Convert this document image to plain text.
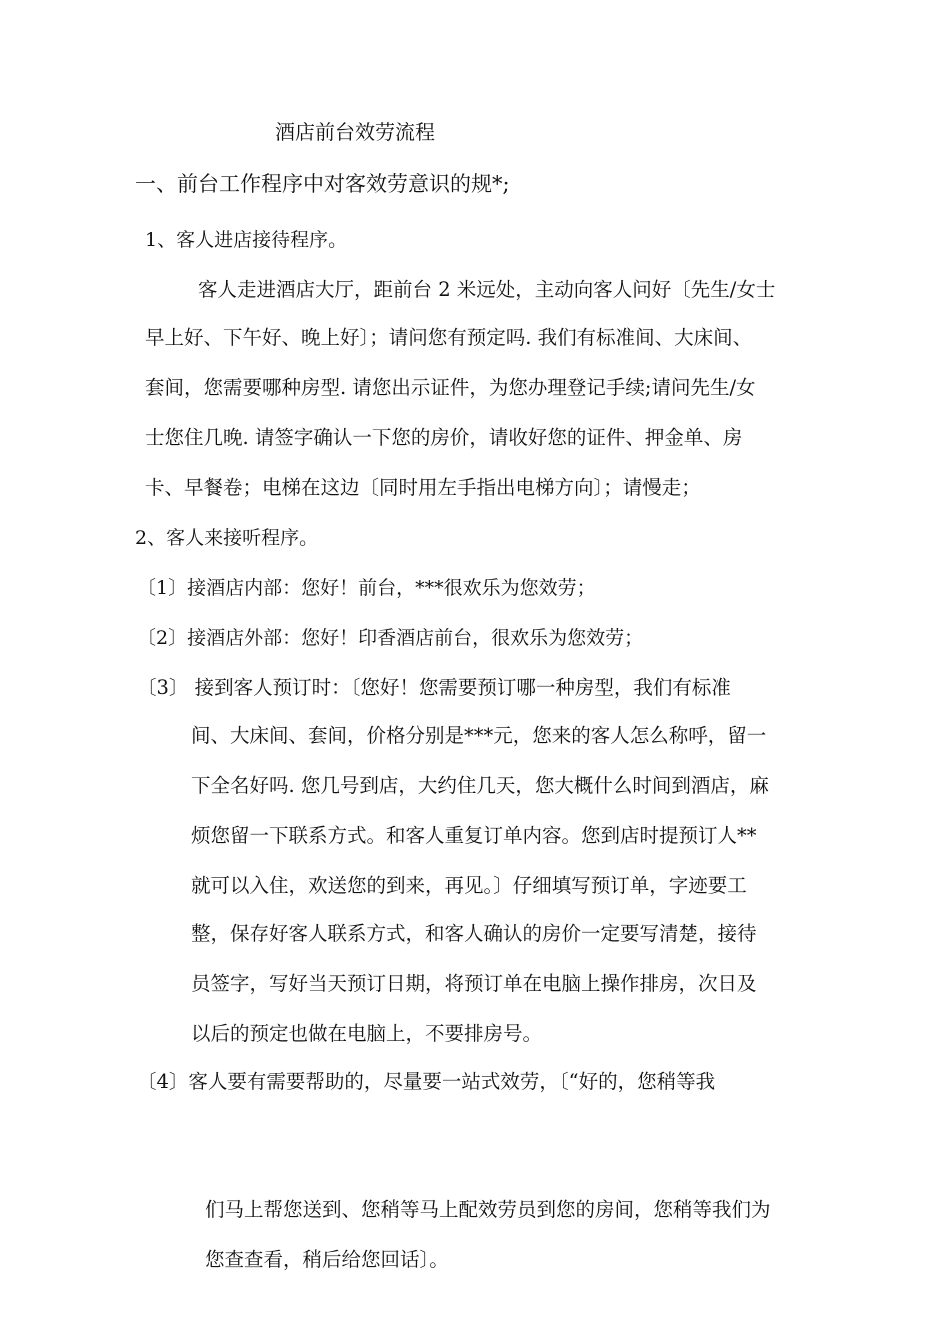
酒店前台效劳流程
一、前台工作程序中对客效劳意识的规*;
1、客人进店接待程序。
客人走进酒店大厅，距前台 2 米远处，主动向客人问好〔先生/女士
早上好、下午好、晚上好〕；请问您有预定吗. 我们有标准间、大床间、
套间，您需要哪种房型. 请您出示证件，为您办理登记手续;请问先生/女
士您住几晚. 请签字确认一下您的房价，请收好您的证件、押金单、房
卡、早餐卷；电梯在这边〔同时用左手指出电梯方向〕；请慢走；
2、客人来接听程序。
〔1〕接酒店内部：您好！前台，***很欢乐为您效劳；
〔2〕接酒店外部：您好！印香酒店前台，很欢乐为您效劳；
〔3〕 接到客人预订时：〔您好！您需要预订哪一种房型，我们有标准
间、大床间、套间，价格分别是***元，您来的客人怎么称呼，留一
下全名好吗. 您几号到店，大约住几天，您大概什么时间到酒店，麻
烦您留一下联系方式。和客人重复订单内容。您到店时提预订人**
就可以入住，欢送您的到来，再见。〕仔细填写预订单，字迹要工
整，保存好客人联系方式，和客人确认的房价一定要写清楚，接待
员签字，写好当天预订日期，将预订单在电脑上操作排房，次日及
以后的预定也做在电脑上，不要排房号。
〔4〕客人要有需要帮助的，尽量要一站式效劳，〔“好的，您稍等我
们马上帮您送到、您稍等马上配效劳员到您的房间，您稍等我们为
您查查看，稍后给您回话〕。
